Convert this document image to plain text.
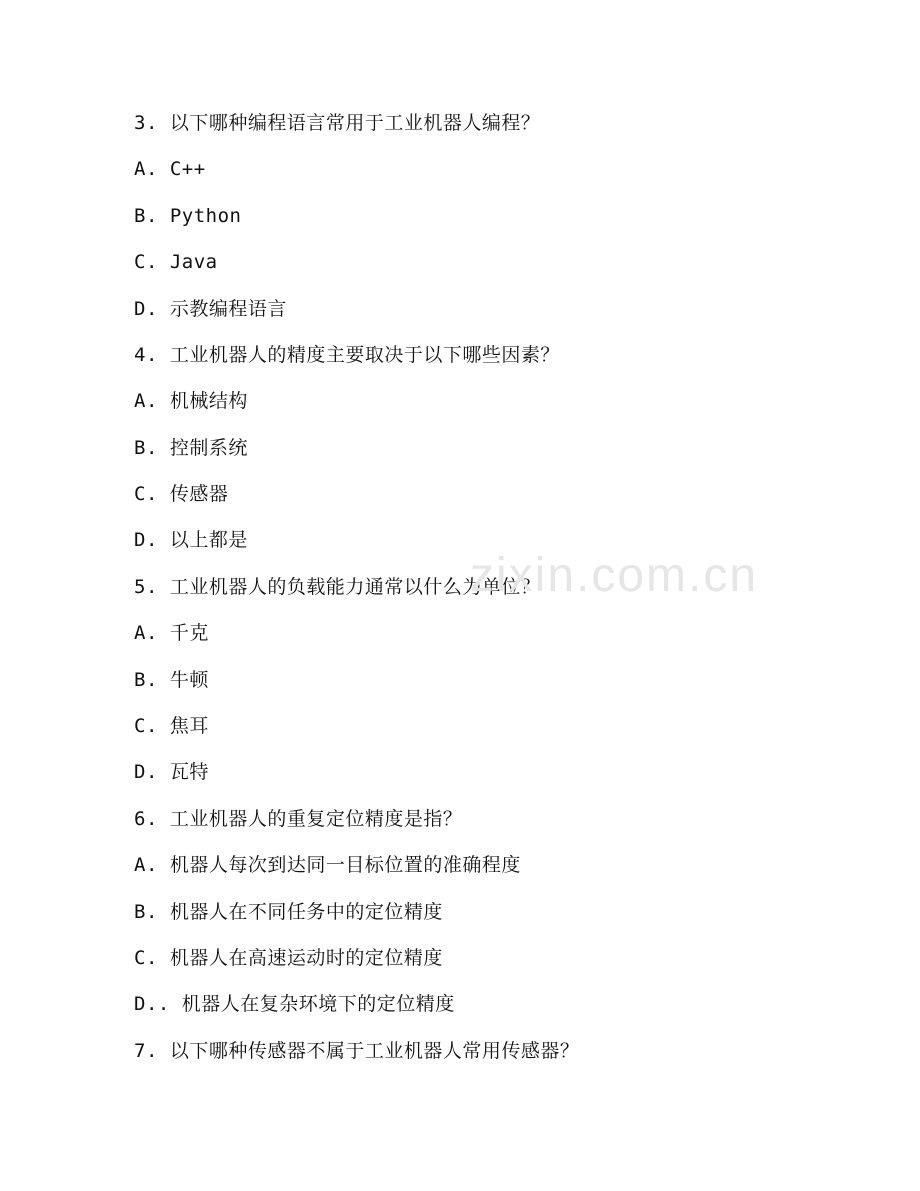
3. 以下哪种编程语言常用于工业机器人编程？
A. C++
B. Python
C. Java
D. 示教编程语言
4. 工业机器人的精度主要取决于以下哪些因素？
A. 机械结构
B. 控制系统
C. 传感器
D. 以上都是
5. 工业机器人的负载能力通常以什么为单位？
A. 千克
B. 牛顿
C. 焦耳
D. 瓦特
6. 工业机器人的重复定位精度是指？
A. 机器人每次到达同一目标位置的准确程度
B. 机器人在不同任务中的定位精度
C. 机器人在高速运动时的定位精度
D.. 机器人在复杂环境下的定位精度
7. 以下哪种传感器不属于工业机器人常用传感器？
zixin.com.cn
